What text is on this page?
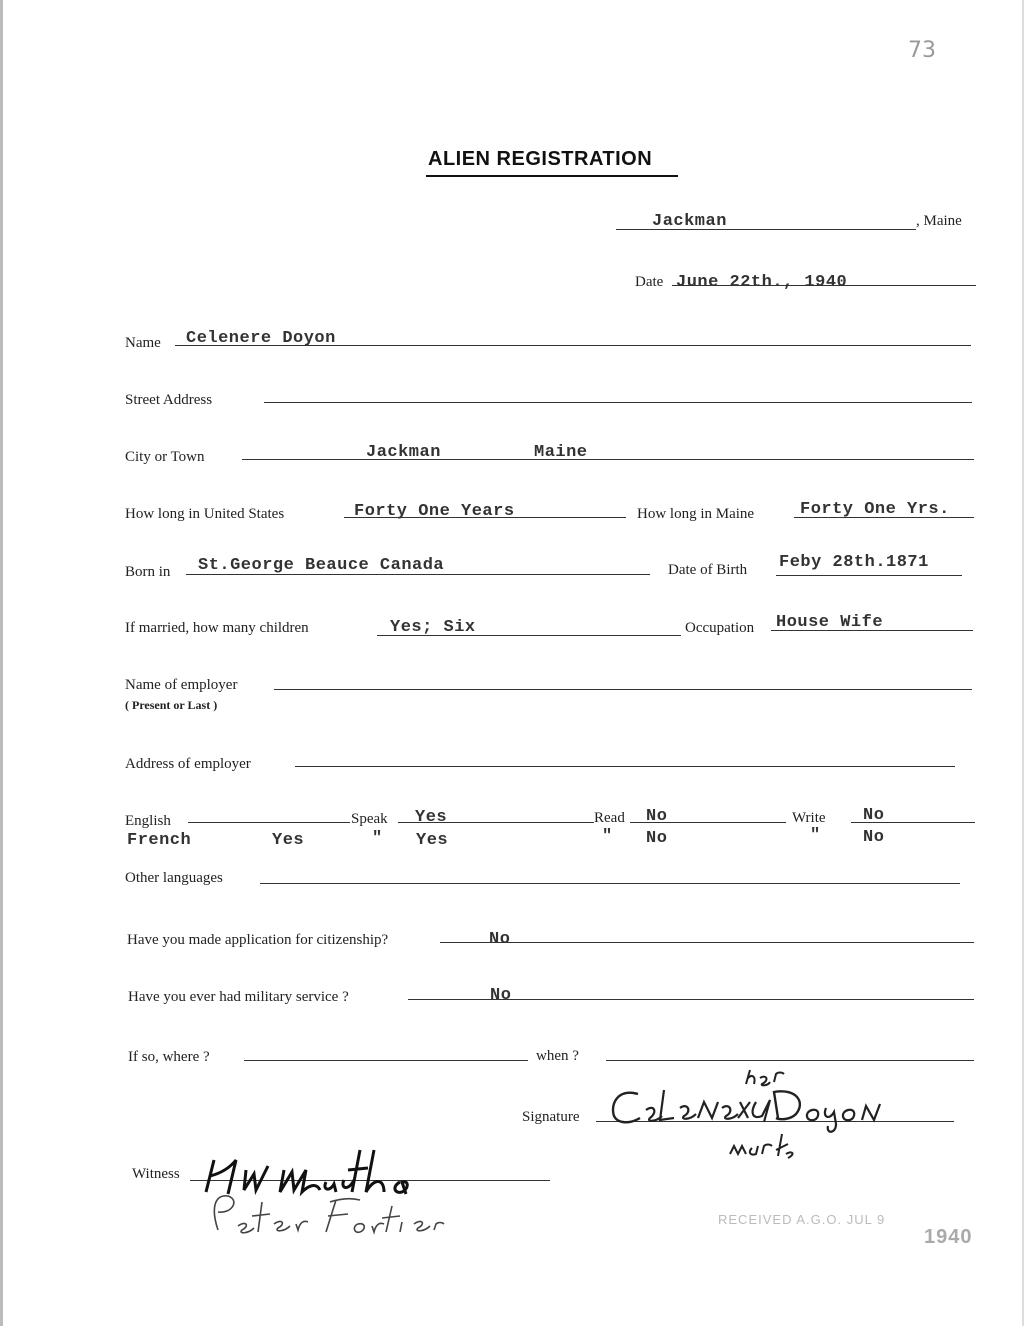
73
ALIEN REGISTRATION
Jackman	, Maine
Date June 22th., 1940
Name Celenere Doyon
Street Address
City or Town	Jackman	Maine
How long in United States	Forty One Years	How long in Maine	Forty One Yrs.
Born in St.George Beauce Canada	Date of Birth Feby 28th.1871
If married, how many children	Yes; Six	Occupation House Wife
Name of employer
( Present or Last )
Address of employer
English	Speak Yes	Read No	Write No
French	Yes	" Yes	" No	" No
Other languages
Have you made application for citizenship?	No
Have you ever had military service ?	No
If so, where ?	when ?
Signature
Witness
RECEIVED A.G.O. JUL 9
1940
